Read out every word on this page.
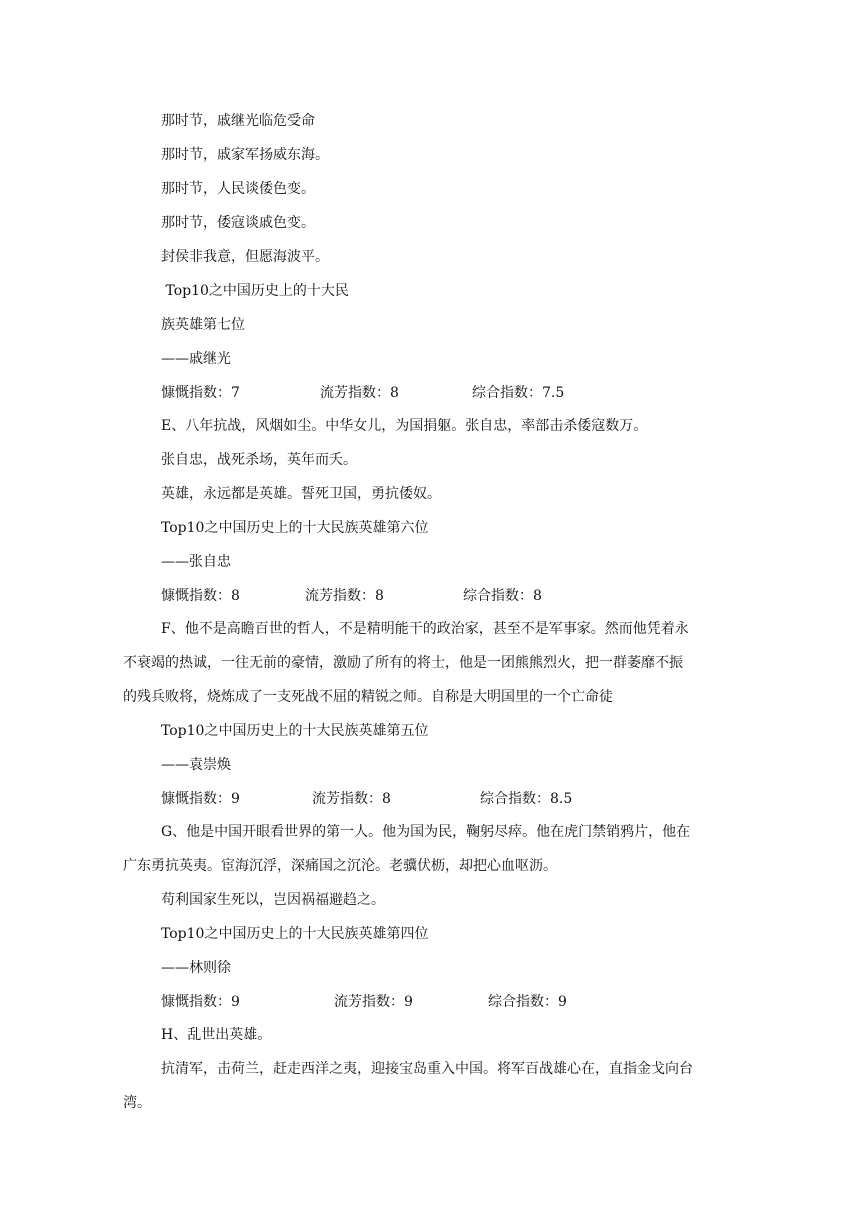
那时节，戚继光临危受命

那时节，戚家军扬威东海。

那时节，人民谈倭色变。

那时节，倭寇谈戚色变。

封侯非我意，但愿海波平。

Top10之中国历史上的十大民

族英雄第七位

——戚继光

慷慨指数：7	流芳指数：8	综合指数：7.5

E、八年抗战，风烟如尘。中华女儿，为国捐躯。张自忠，率部击杀倭寇数万。

张自忠，战死杀场，英年而夭。

英雄，永远都是英雄。誓死卫国，勇抗倭奴。

Top10之中国历史上的十大民族英雄第六位

——张自忠

慷慨指数：8	流芳指数：8	综合指数：8

F、他不是高瞻百世的哲人，不是精明能干的政治家，甚至不是军事家。然而他凭着永

不衰竭的热诚，一往无前的豪情，激励了所有的将士，他是一团熊熊烈火，把一群萎靡不振

的残兵败将，烧炼成了一支死战不屈的精锐之师。自称是大明国里的一个亡命徒

Top10之中国历史上的十大民族英雄第五位

——袁崇焕

慷慨指数：9	流芳指数：8	综合指数：8.5

G、他是中国开眼看世界的第一人。他为国为民，鞠躬尽瘁。他在虎门禁销鸦片，他在

广东勇抗英夷。宦海沉浮，深痛国之沉沦。老骥伏枥，却把心血呕沥。

苟利国家生死以，岂因祸福避趋之。

Top10之中国历史上的十大民族英雄第四位

——林则徐

慷慨指数：9	流芳指数：9	综合指数：9

H、乱世出英雄。

抗清军，击荷兰，赶走西洋之夷，迎接宝岛重入中国。将军百战雄心在，直指金戈向台

湾。
